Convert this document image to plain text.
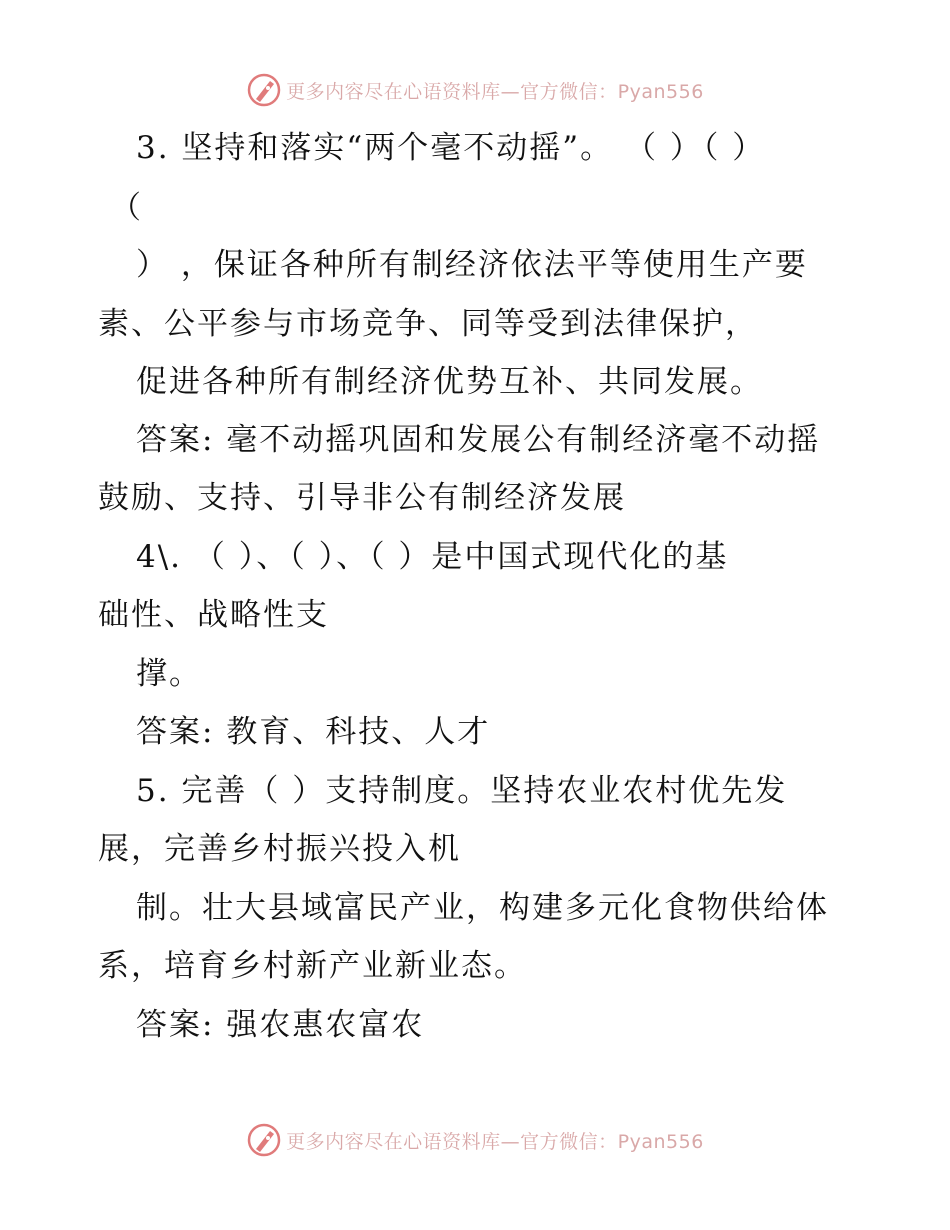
更多内容尽在心语资料库—官方微信：Pyan556
3. 坚持和落实“两个毫不动摇”。 （ ）（ ）
（
） ，保证各种所有制经济依法平等使用生产要
素、公平参与市场竞争、同等受到法律保护，
促进各种所有制经济优势互补、共同发展。
答案: 毫不动摇巩固和发展公有制经济毫不动摇
鼓励、支持、引导非公有制经济发展
4\. （ ）、（ ）、（ ）是中国式现代化的基
础性、战略性支
撑。
答案: 教育、科技、人才
5. 完善（ ）支持制度。坚持农业农村优先发
展，完善乡村振兴投入机
制。壮大县域富民产业，构建多元化食物供给体
系，培育乡村新产业新业态。
答案: 强农惠农富农
更多内容尽在心语资料库—官方微信：Pyan556
